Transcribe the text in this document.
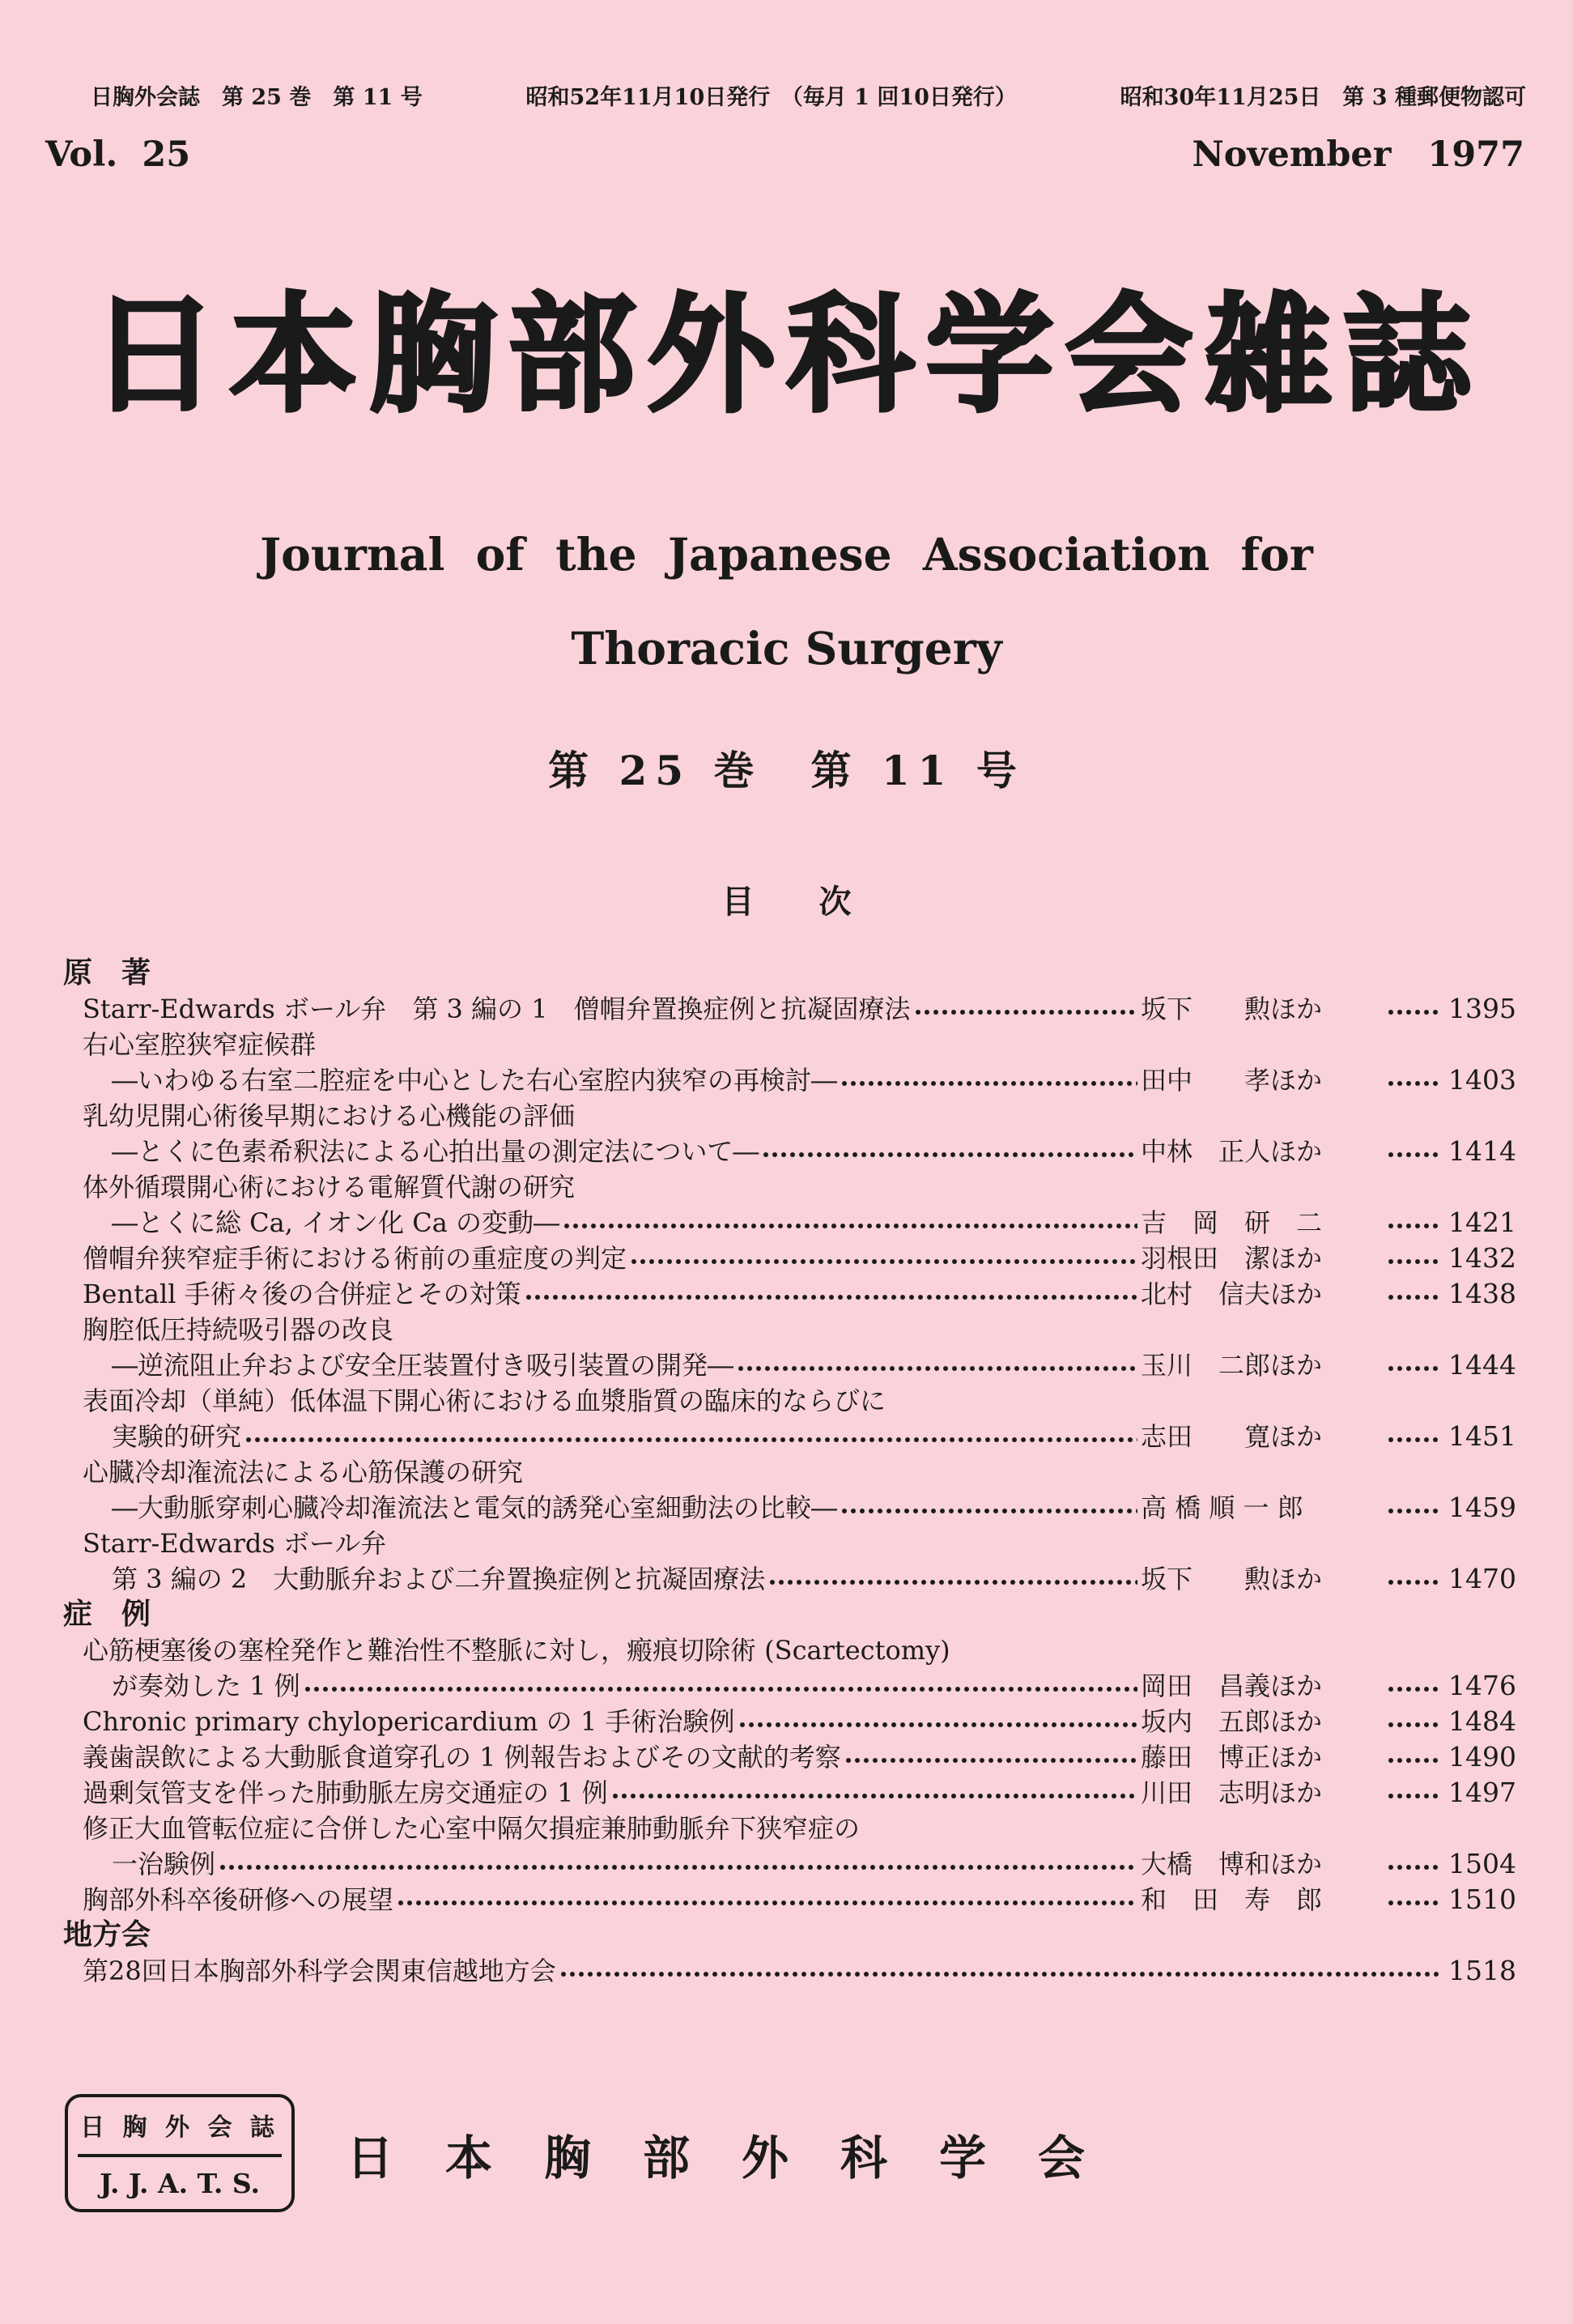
日胸外会誌　第 25 巻　第 11 号	昭和52年11月10日発行　（毎月 1 回10日発行）	昭和30年11月25日　第 3 種郵便物認可
Vol.  25	November   1977
日本胸部外科学会雑誌
Journal  of  the  Japanese  Association  for
Thoracic Surgery
第 25 巻　第 11 号
目　　次
原　著
Starr-Edwards ボール弁　第 3 編の 1　僧帽弁置換症例と抗凝固療法	坂下　　勲ほか	1395
右心室腔狭窄症候群
―いわゆる右室二腔症を中心とした右心室腔内狭窄の再検討―	田中　　孝ほか	1403
乳幼児開心術後早期における心機能の評価
―とくに色素希釈法による心拍出量の測定法について―	中林　正人ほか	1414
体外循環開心術における電解質代謝の研究
―とくに総 Ca, イオン化 Ca の変動―	吉　岡　研　二	1421
僧帽弁狭窄症手術における術前の重症度の判定	羽根田　潔ほか	1432
Bentall 手術々後の合併症とその対策	北村　信夫ほか	1438
胸腔低圧持続吸引器の改良
―逆流阻止弁および安全圧装置付き吸引装置の開発―	玉川　二郎ほか	1444
表面冷却（単純）低体温下開心術における血漿脂質の臨床的ならびに
実験的研究	志田　　寛ほか	1451
心臓冷却潅流法による心筋保護の研究
―大動脈穿刺心臓冷却潅流法と電気的誘発心室細動法の比較―	高 橋 順 一 郎	1459
Starr-Edwards ボール弁
第 3 編の 2　大動脈弁および二弁置換症例と抗凝固療法	坂下　　勲ほか	1470
症　例
心筋梗塞後の塞栓発作と難治性不整脈に対し，瘢痕切除術 (Scartectomy)
が奏効した 1 例	岡田　昌義ほか	1476
Chronic primary chylopericardium の 1 手術治験例	坂内　五郎ほか	1484
義歯誤飲による大動脈食道穿孔の 1 例報告およびその文献的考察	藤田　博正ほか	1490
過剰気管支を伴った肺動脈左房交通症の 1 例	川田　志明ほか	1497
修正大血管転位症に合併した心室中隔欠損症兼肺動脈弁下狭窄症の
一治験例	大橋　博和ほか	1504
胸部外科卒後研修への展望	和　田　寿　郎	1510
地方会
第28回日本胸部外科学会関東信越地方会	1518
日 胸 外 会 誌
J. J. A. T. S.	日本胸部外科学会
